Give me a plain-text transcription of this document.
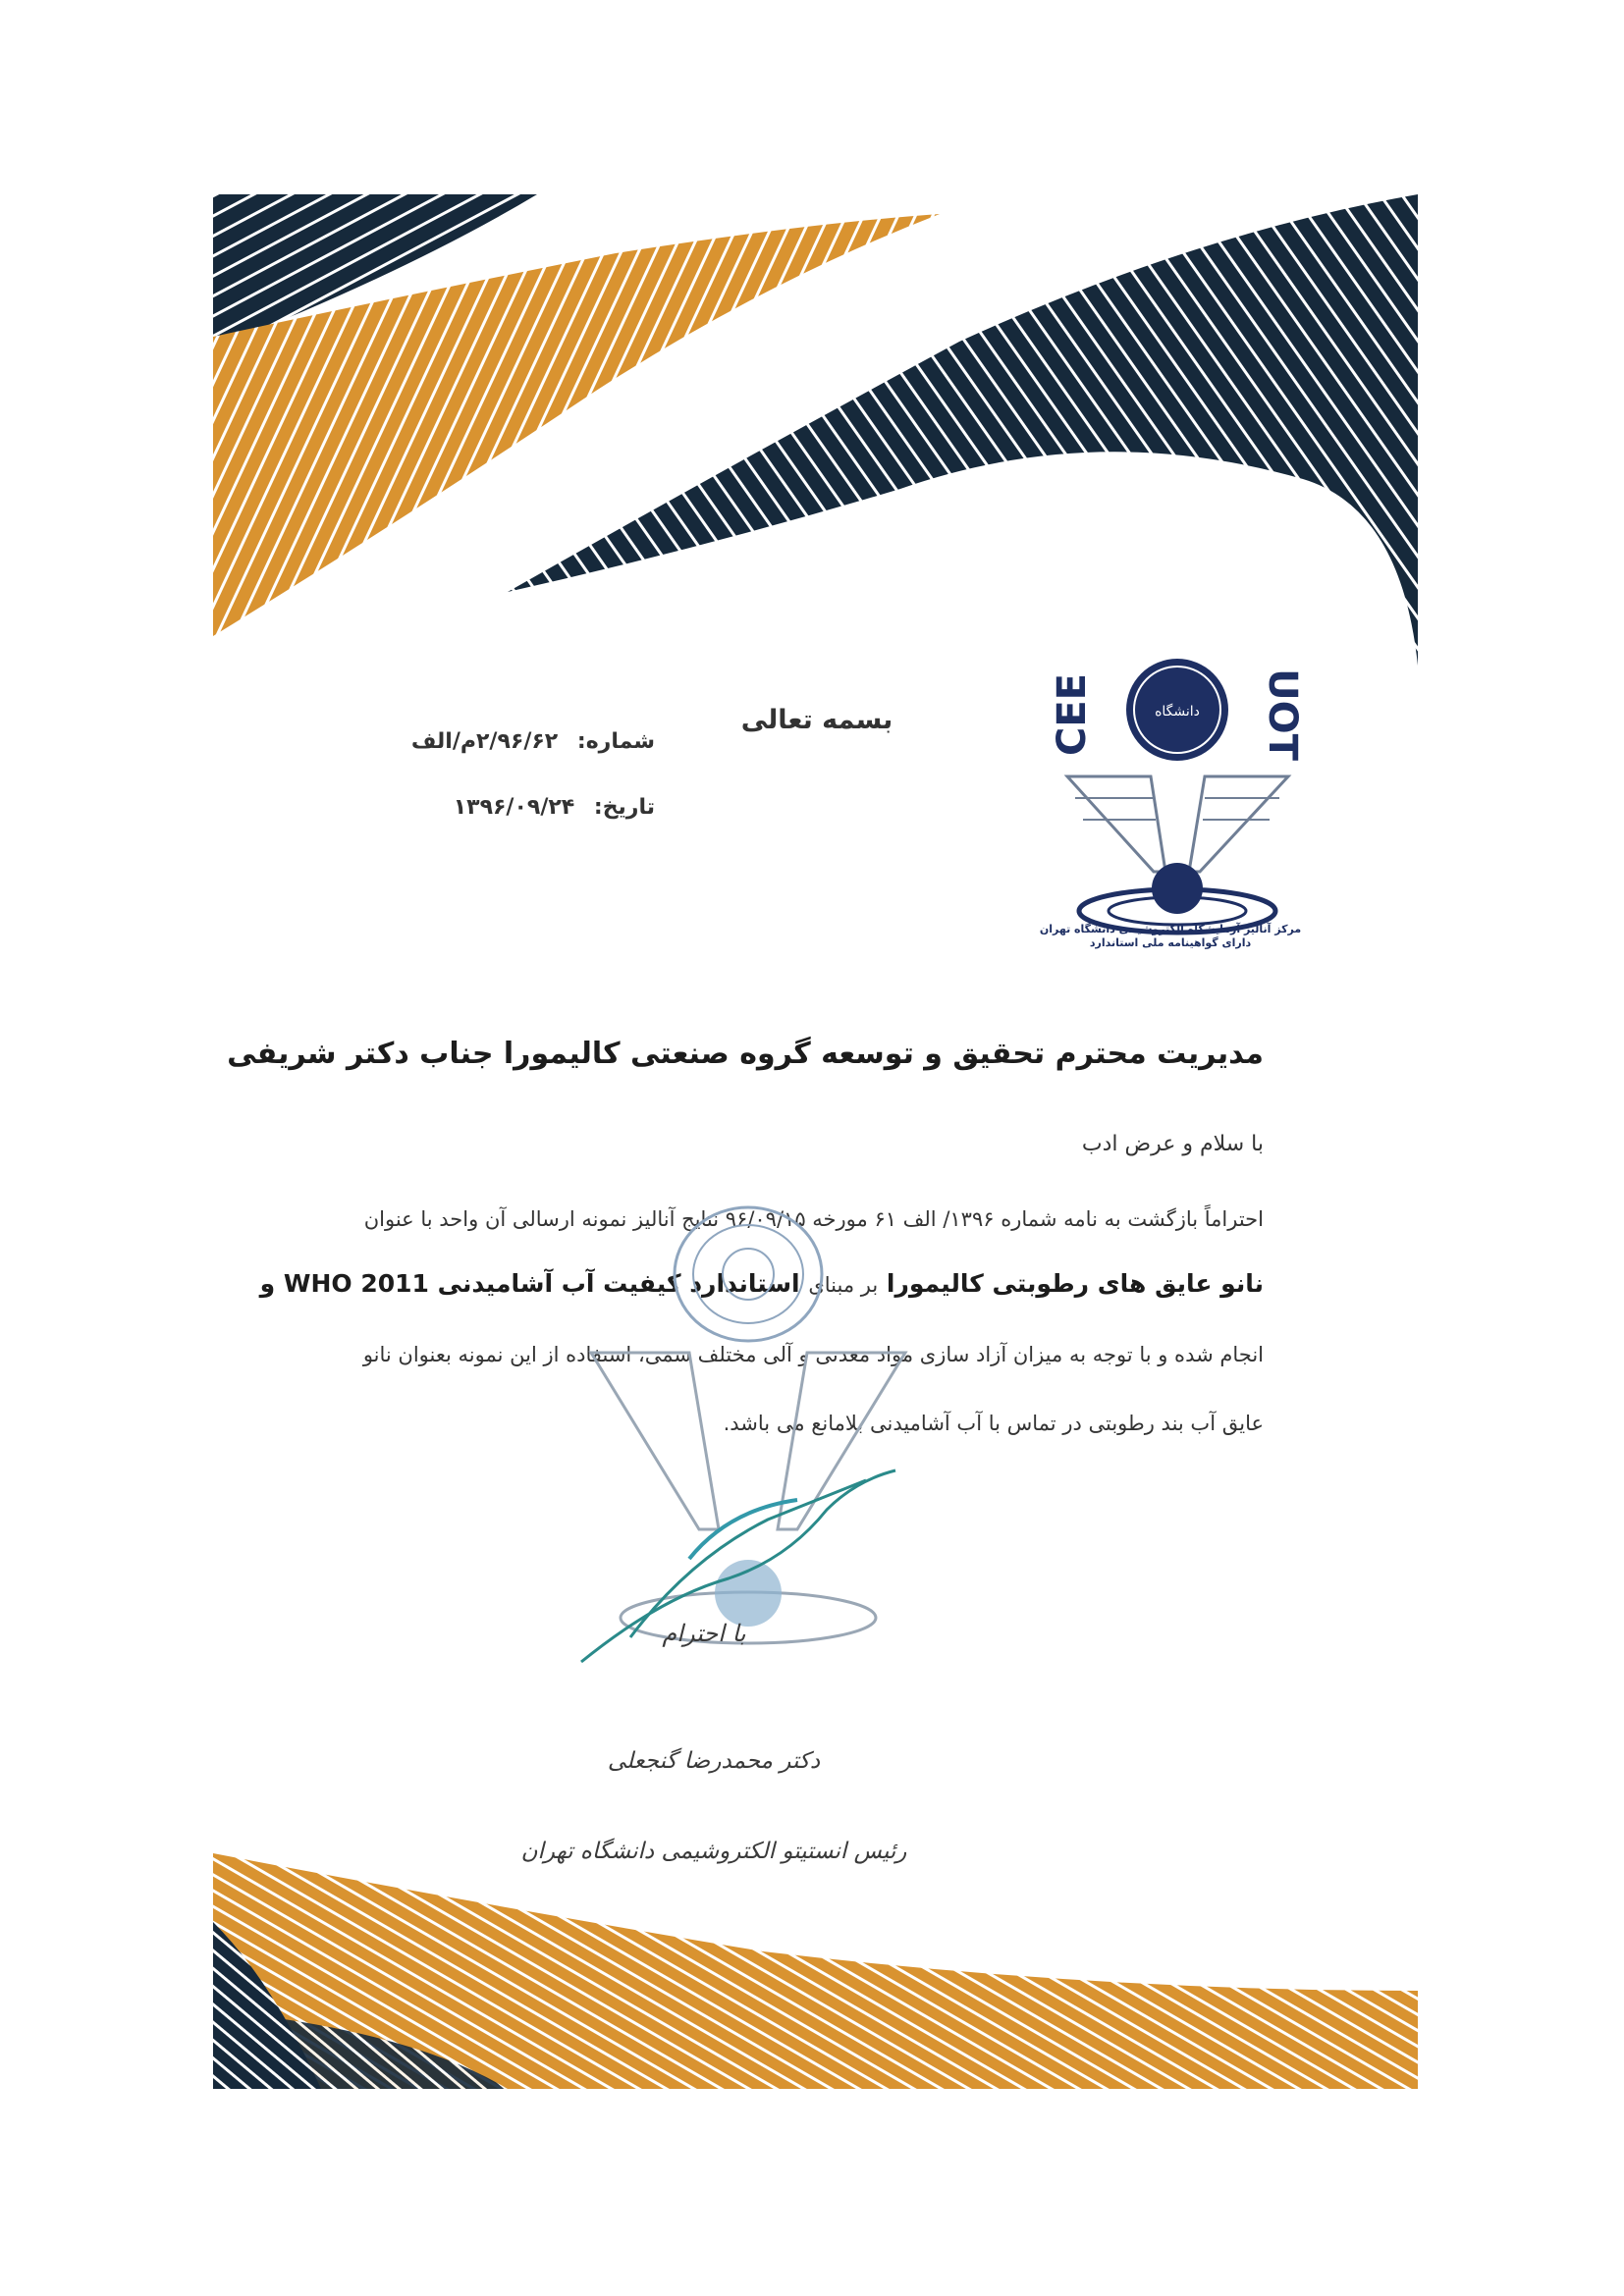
بسمه تعالی
شماره: ۲/۹۶/۶۲م/الف
تاریخ: ۱۳۹۶/۰۹/۲۴
CEE	UOT
دانشگاه
مرکز آنالیز آزمایشگاه الکتروشیمی دانشگاه تهران
دارای گواهینامه ملی استاندارد
مدیریت محترم تحقیق و توسعه گروه صنعتی کالیمورا جناب دکتر شریفی
با سلام و عرض ادب
احتراماً بازگشت به نامه شماره ۱۳۹۶/ الف ۶۱ مورخه ۹۶/۰۹/۱۵ نتایج آنالیز نمونه ارسالی آن واحد با عنوان
نانو عایق های رطوبتی کالیمورا بر مبنای استاندارد کیفیت آب آشامیدنی WHO 2011 و
انجام شده و با توجه به میزان آزاد سازی مواد معدنی و آلی مختلف سمی، استفاده از این نمونه بعنوان نانو
عایق آب بند رطوبتی در تماس با آب آشامیدنی بلامانع می باشد.
با احترام
دکتر محمدرضا گنجعلی
رئیس انستیتو الکتروشیمی دانشگاه تهران
